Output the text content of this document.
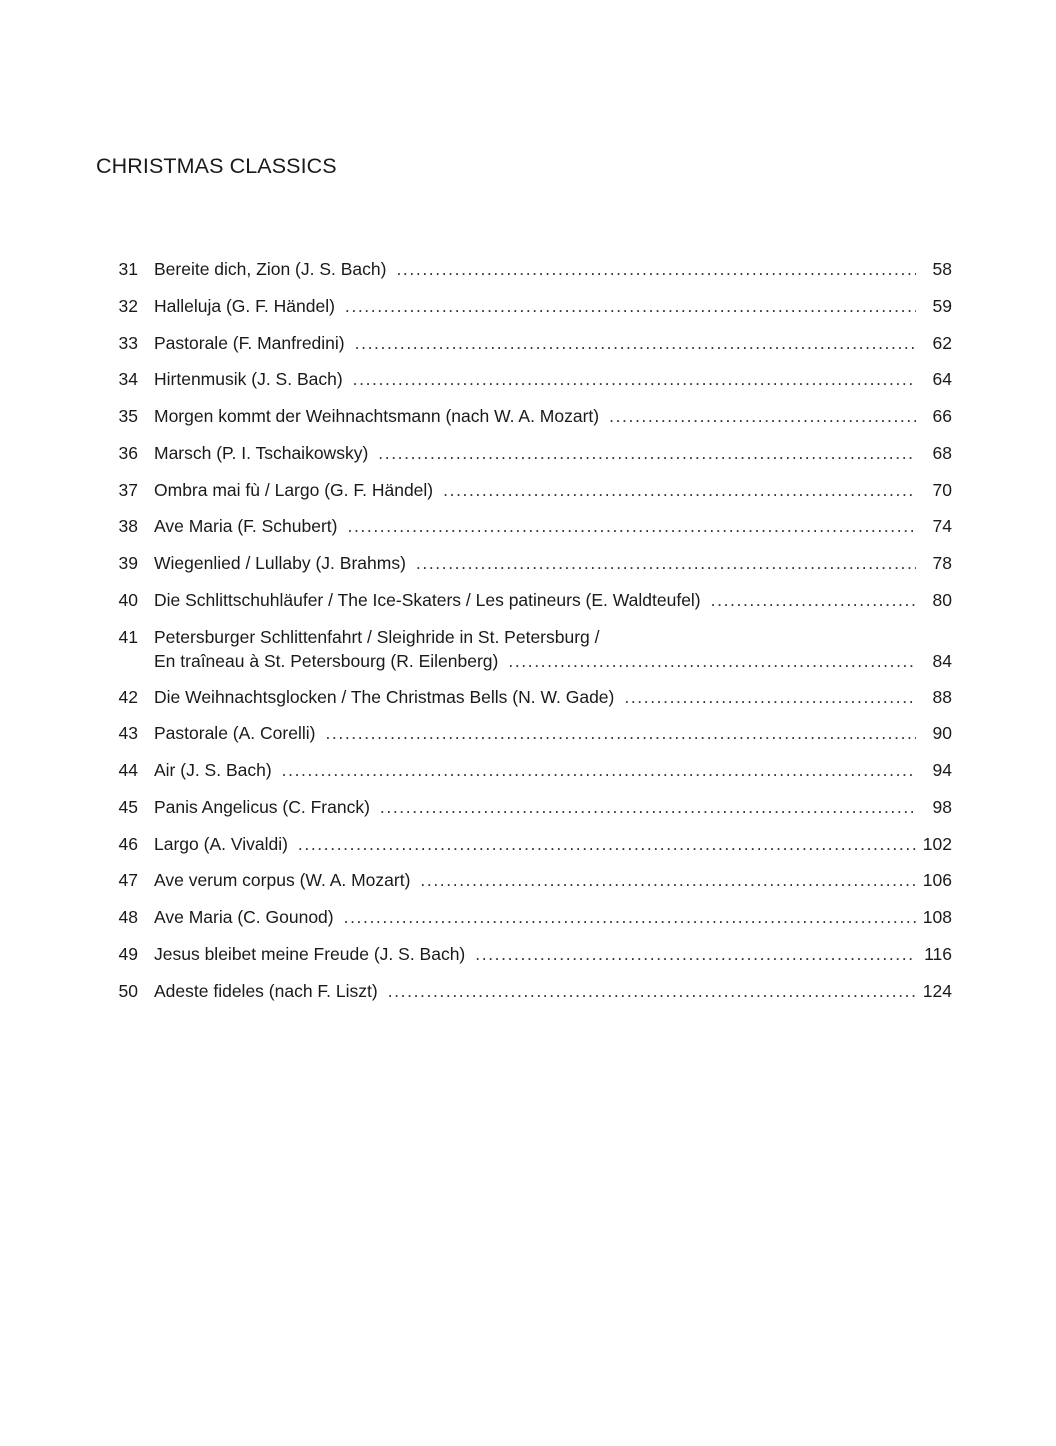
CHRISTMAS CLASSICS
31 Bereite dich, Zion (J. S. Bach) .....	58
32 Halleluja (G. F. Händel) .....	59
33 Pastorale (F. Manfredini) .....	62
34 Hirtenmusik (J. S. Bach) .....	64
35 Morgen kommt der Weihnachtsmann (nach W. A. Mozart) .....	66
36 Marsch (P. I. Tschaikowsky) .....	68
37 Ombra mai fù / Largo (G. F. Händel) .....	70
38 Ave Maria (F. Schubert) .....	74
39 Wiegenlied / Lullaby (J. Brahms) .....	78
40 Die Schlittschuhläufer / The Ice-Skaters / Les patineurs (E. Waldteufel) .....	80
41 Petersburger Schlittenfahrt / Sleighride in St. Petersburg /
En traîneau à St. Petersbourg (R. Eilenberg) .....	84
42 Die Weihnachtsglocken / The Christmas Bells (N. W. Gade) .....	88
43 Pastorale (A. Corelli) .....	90
44 Air (J. S. Bach) .....	94
45 Panis Angelicus (C. Franck) .....	98
46 Largo (A. Vivaldi) .....	102
47 Ave verum corpus (W. A. Mozart) .....	106
48 Ave Maria (C. Gounod) .....	108
49 Jesus bleibet meine Freude (J. S. Bach) .....	116
50 Adeste fideles (nach F. Liszt) .....	124
